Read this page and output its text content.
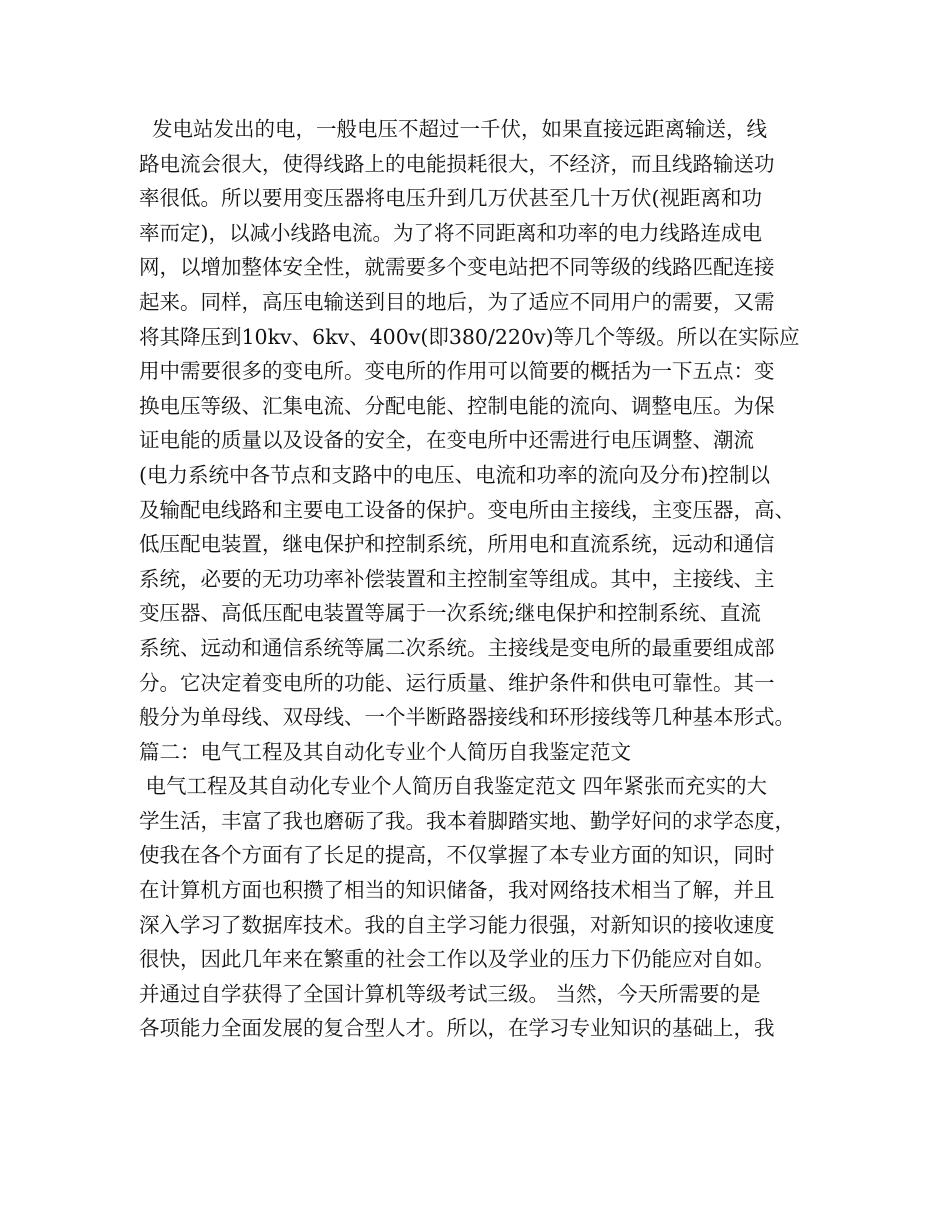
发电站发出的电，一般电压不超过一千伏，如果直接远距离输送，线
路电流会很大，使得线路上的电能损耗很大，不经济，而且线路输送功
率很低。所以要用变压器将电压升到几万伏甚至几十万伏(视距离和功
率而定)，以减小线路电流。为了将不同距离和功率的电力线路连成电
网，以增加整体安全性，就需要多个变电站把不同等级的线路匹配连接
起来。同样，高压电输送到目的地后，为了适应不同用户的需要，又需
将其降压到10kv、6kv、400v(即380/220v)等几个等级。所以在实际应
用中需要很多的变电所。变电所的作用可以简要的概括为一下五点：变
换电压等级、汇集电流、分配电能、控制电能的流向、调整电压。为保
证电能的质量以及设备的安全，在变电所中还需进行电压调整、潮流
(电力系统中各节点和支路中的电压、电流和功率的流向及分布)控制以
及输配电线路和主要电工设备的保护。变电所由主接线，主变压器，高、
低压配电装置，继电保护和控制系统，所用电和直流系统，远动和通信
系统，必要的无功功率补偿装置和主控制室等组成。其中，主接线、主
变压器、高低压配电装置等属于一次系统;继电保护和控制系统、直流
系统、远动和通信系统等属二次系统。主接线是变电所的最重要组成部
分。它决定着变电所的功能、运行质量、维护条件和供电可靠性。其一
般分为单母线、双母线、一个半断路器接线和环形接线等几种基本形式。
篇二：电气工程及其自动化专业个人简历自我鉴定范文
电气工程及其自动化专业个人简历自我鉴定范文 四年紧张而充实的大
学生活，丰富了我也磨砺了我。我本着脚踏实地、勤学好问的求学态度，
使我在各个方面有了长足的提高，不仅掌握了本专业方面的知识，同时
在计算机方面也积攒了相当的知识储备，我对网络技术相当了解，并且
深入学习了数据库技术。我的自主学习能力很强，对新知识的接收速度
很快，因此几年来在繁重的社会工作以及学业的压力下仍能应对自如。
并通过自学获得了全国计算机等级考试三级。 当然，今天所需要的是
各项能力全面发展的复合型人才。所以，在学习专业知识的基础上，我
